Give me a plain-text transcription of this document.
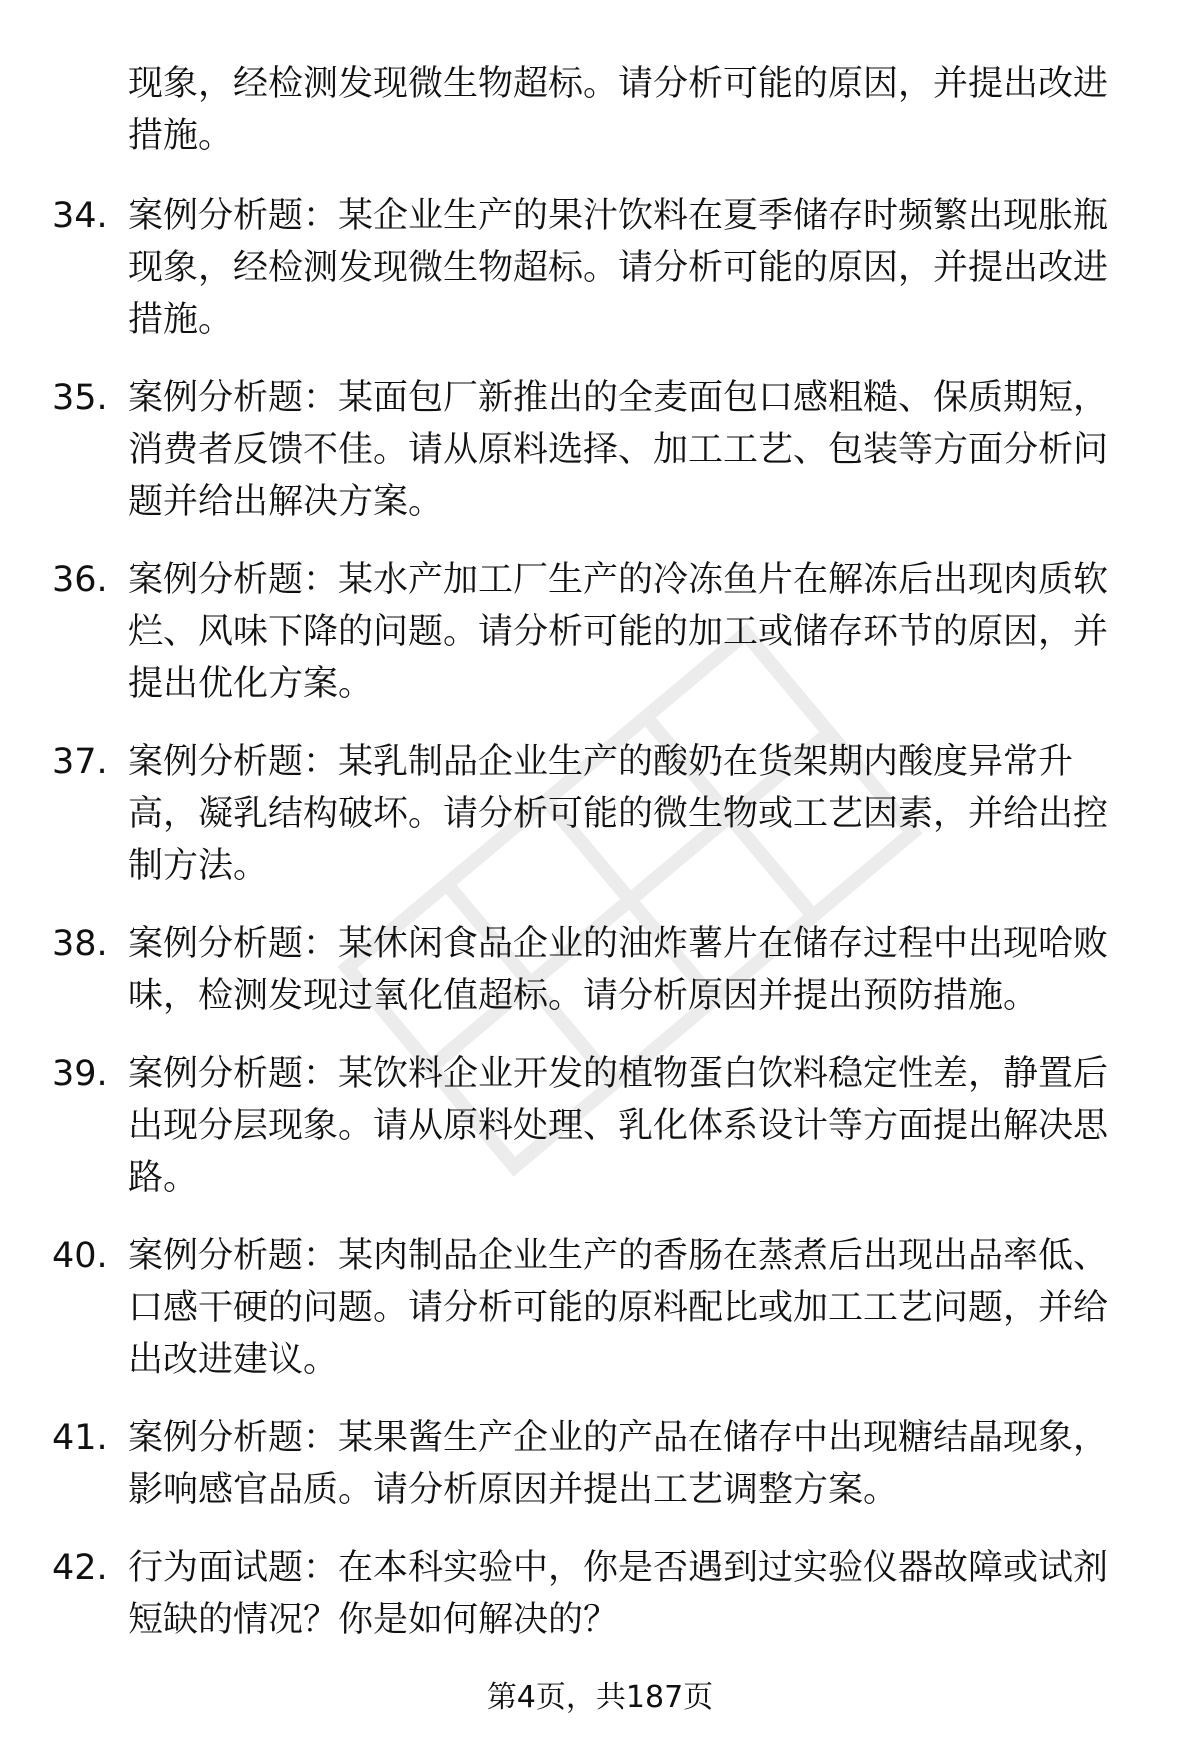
现象，经检测发现微生物超标。请分析可能的原因，并提出改进措施。
34. 案例分析题：某企业生产的果汁饮料在夏季储存时频繁出现胀瓶现象，经检测发现微生物超标。请分析可能的原因，并提出改进措施。
35. 案例分析题：某面包厂新推出的全麦面包口感粗糙、保质期短，消费者反馈不佳。请从原料选择、加工工艺、包装等方面分析问题并给出解决方案。
36. 案例分析题：某水产加工厂生产的冷冻鱼片在解冻后出现肉质软烂、风味下降的问题。请分析可能的加工或储存环节的原因，并提出优化方案。
37. 案例分析题：某乳制品企业生产的酸奶在货架期内酸度异常升高，凝乳结构破坏。请分析可能的微生物或工艺因素，并给出控制方法。
38. 案例分析题：某休闲食品企业的油炸薯片在储存过程中出现哈败味，检测发现过氧化值超标。请分析原因并提出预防措施。
39. 案例分析题：某饮料企业开发的植物蛋白饮料稳定性差，静置后出现分层现象。请从原料处理、乳化体系设计等方面提出解决思路。
40. 案例分析题：某肉制品企业生产的香肠在蒸煮后出现出品率低、口感干硬的问题。请分析可能的原料配比或加工工艺问题，并给出改进建议。
41. 案例分析题：某果酱生产企业的产品在储存中出现糖结晶现象，影响感官品质。请分析原因并提出工艺调整方案。
42. 行为面试题：在本科实验中，你是否遇到过实验仪器故障或试剂短缺的情况？你是如何解决的？
第4页，共187页
